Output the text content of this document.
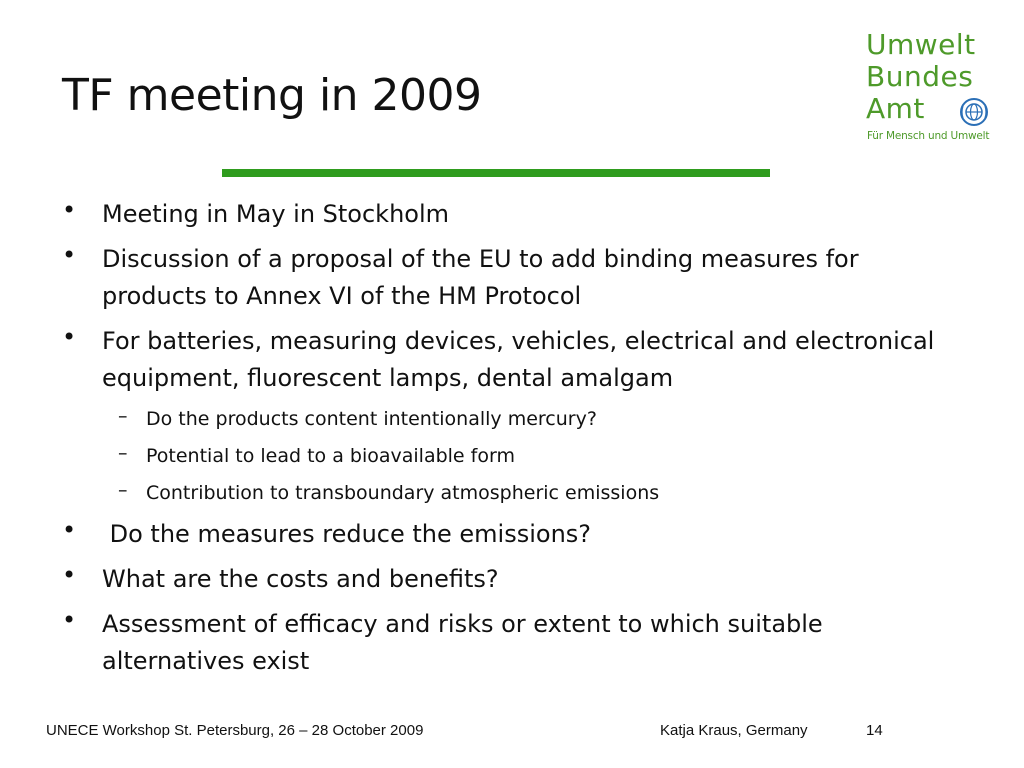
TF meeting in 2009
Umwelt
Bundes
Amt
Für Mensch und Umwelt
• Meeting in May in Stockholm
• Discussion of a proposal of the EU to add binding measures for products to Annex VI of the HM Protocol
• For batteries, measuring devices, vehicles, electrical and electronical equipment, fluorescent lamps, dental amalgam
– Do the products content intentionally mercury?
– Potential to lead to a bioavailable form
– Contribution to transboundary atmospheric emissions
• Do the measures reduce the emissions?
• What are the costs and benefits?
• Assessment of efficacy and risks or extent to which suitable alternatives exist
UNECE Workshop St. Petersburg, 26 – 28 October 2009	Katja Kraus, Germany	14
